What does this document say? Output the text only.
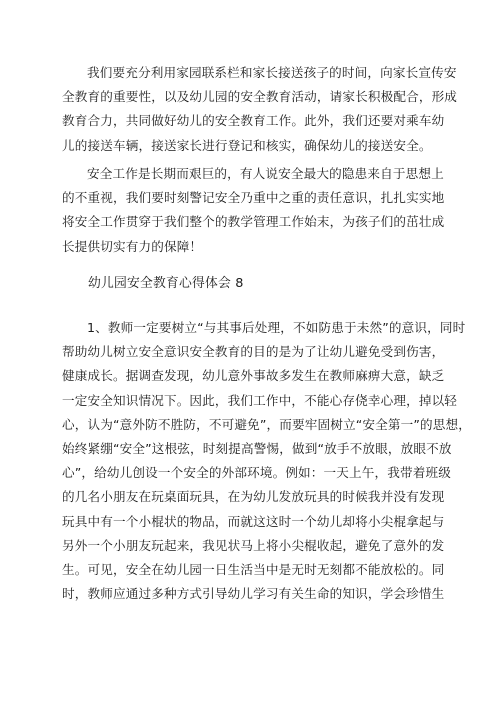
我们要充分利用家园联系栏和家长接送孩子的时间，向家长宣传安
全教育的重要性，以及幼儿园的安全教育活动，请家长积极配合，形成
教育合力，共同做好幼儿的安全教育工作。此外，我们还要对乘车幼
儿的接送车辆，接送家长进行登记和核实，确保幼儿的接送安全。
安全工作是长期而艰巨的，有人说安全最大的隐患来自于思想上
的不重视，我们要时刻警记安全乃重中之重的责任意识，扎扎实实地
将安全工作贯穿于我们整个的教学管理工作始末，为孩子们的茁壮成
长提供切实有力的保障！
幼儿园安全教育心得体会 8
1、教师一定要树立“与其事后处理，不如防患于未然”的意识，同时
帮助幼儿树立安全意识安全教育的目的是为了让幼儿避免受到伤害，
健康成长。据调查发现，幼儿意外事故多发生在教师麻痹大意，缺乏
一定安全知识情况下。因此，我们工作中，不能心存侥幸心理，掉以轻
心，认为“意外防不胜防，不可避免”，而要牢固树立“安全第一”的思想，
始终紧绷“安全”这根弦，时刻提高警惕，做到“放手不放眼，放眼不放
心”，给幼儿创设一个安全的外部环境。例如：一天上午，我带着班级
的几名小朋友在玩桌面玩具，在为幼儿发放玩具的时候我并没有发现
玩具中有一个小棍状的物品，而就这这时一个幼儿却将小尖棍拿起与
另外一个小朋友玩起来，我见状马上将小尖棍收起，避免了意外的发
生。可见，安全在幼儿园一日生活当中是无时无刻都不能放松的。同
时，教师应通过多种方式引导幼儿学习有关生命的知识，学会珍惜生
